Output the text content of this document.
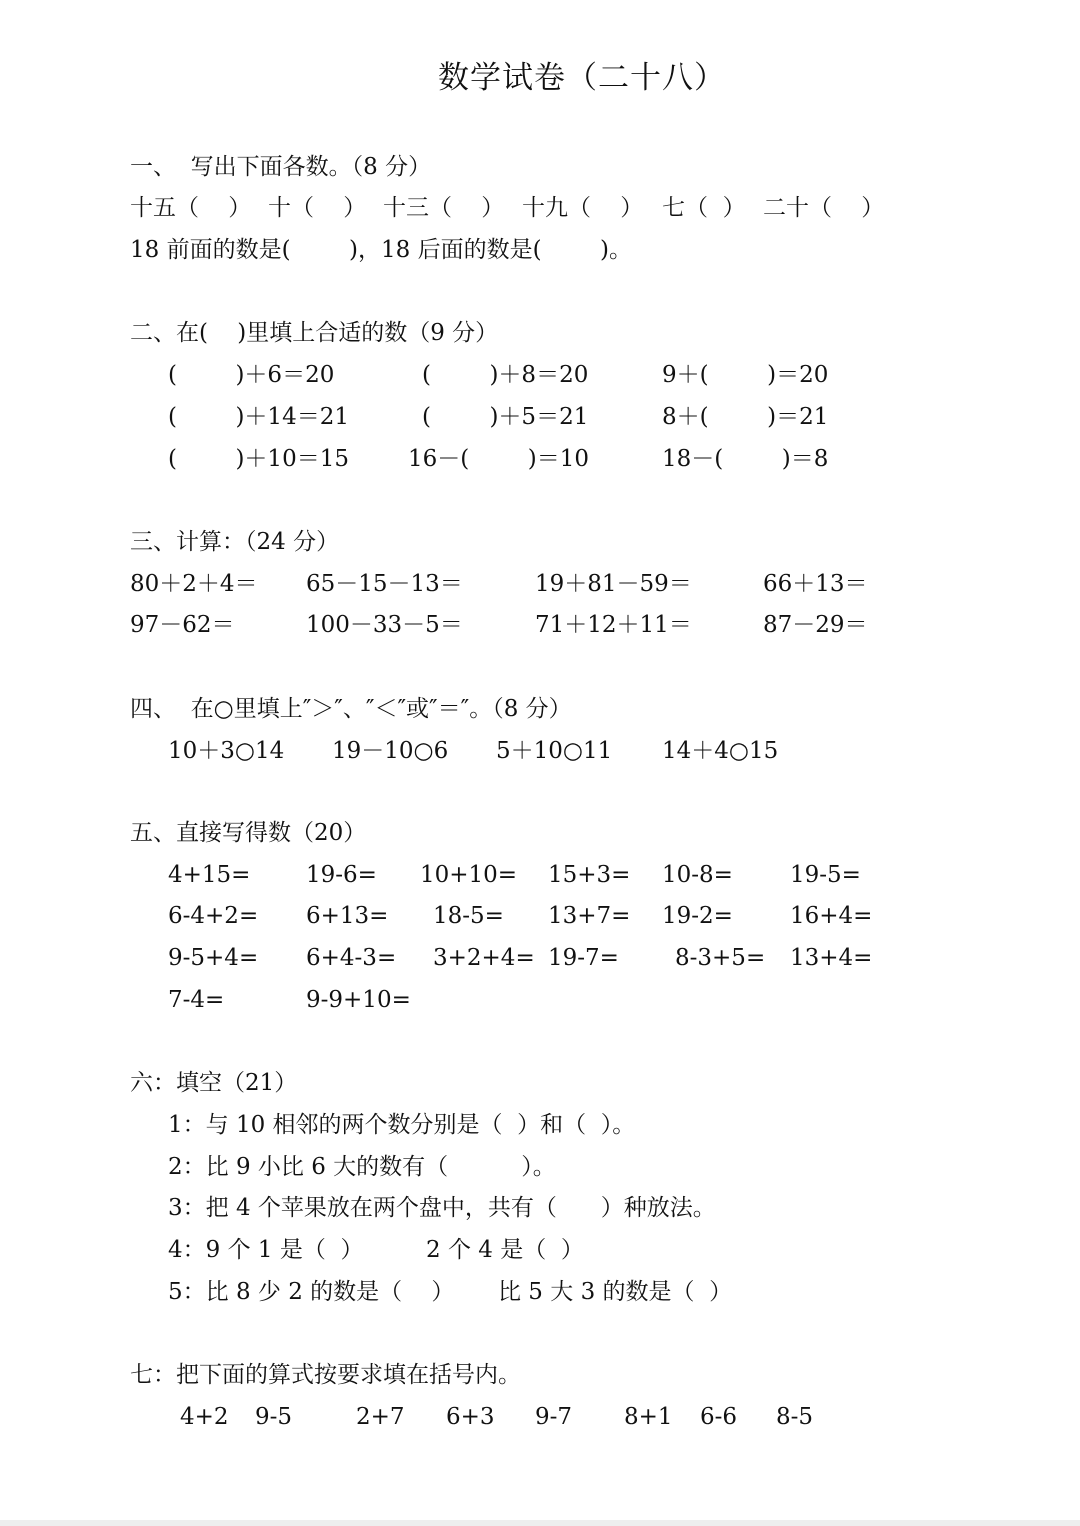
数学试卷（二十八）
一、  写出下面各数。（8 分）
十五（    ） 十（    ） 十三（    ） 十九（    ） 七（  ） 二十（    ）
18 前面的数是(        )，18 后面的数是(        )。
二、在(    )里填上合适的数（9 分）
(        )＋6＝20	(        )＋8＝20	9＋(        )＝20
(        )＋14＝21	(        )＋5＝21	8＋(        )＝21
(        )＋10＝15	16－(        )＝10	18－(        )＝8
三、计算：（24 分）
80＋2＋4＝ 65－15－13＝	19＋81－59＝	66＋13＝
97－62＝	100－33－5＝	71＋12＋11＝	87－29＝
四、  在○里填上″＞″、″＜″或″＝″。（8 分）
10＋3○14 19－10○6 5＋10○11 14＋4○15
五、直接写得数（20）
4+15= 19-6= 10+10= 15+3= 10-8= 19-5=
6-4+2= 6+13= 18-5= 13+7= 19-2= 16+4=
9-5+4= 6+4-3= 3+2+4= 19-7= 8-3+5= 13+4=
7-4=	9-9+10=
六：填空（21）
1：与 10 相邻的两个数分别是（  ）和（  ）。
2：比 9 小比 6 大的数有（          ）。
3：把 4 个苹果放在两个盘中，共有（      ）种放法。
4：9 个 1 是（  ）	2 个 4 是（  ）
5：比 8 少 2 的数是（    ） 比 5 大 3 的数是（  ）
七：把下面的算式按要求填在括号内。
4+2 9-5	2+7 6+3 9-7 8+1 6-6 8-5
